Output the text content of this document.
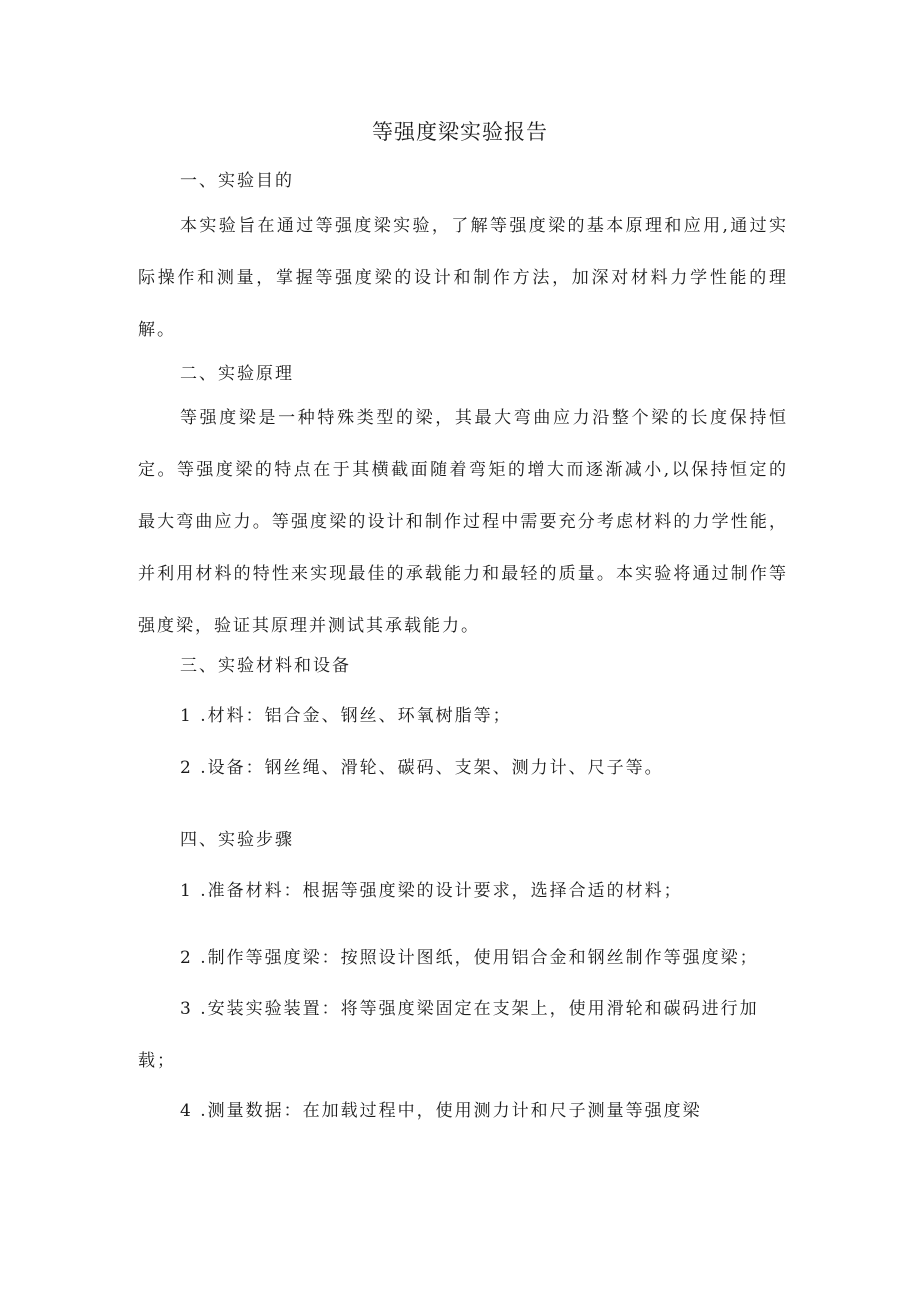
等强度梁实验报告
一、实验目的
本实验旨在通过等强度梁实验，了解等强度梁的基本原理和应用,通过实际操作和测量，掌握等强度梁的设计和制作方法，加深对材料力学性能的理解。
二、实验原理
等强度梁是一种特殊类型的梁，其最大弯曲应力沿整个梁的长度保持恒定。等强度梁的特点在于其横截面随着弯矩的增大而逐渐减小,以保持恒定的最大弯曲应力。等强度梁的设计和制作过程中需要充分考虑材料的力学性能，并利用材料的特性来实现最佳的承载能力和最轻的质量。本实验将通过制作等强度梁，验证其原理并测试其承载能力。
三、实验材料和设备
1 .材料：铝合金、钢丝、环氧树脂等；
2 .设备：钢丝绳、滑轮、碳码、支架、测力计、尺子等。
四、实验步骤
1 .准备材料：根据等强度梁的设计要求，选择合适的材料；
2 .制作等强度梁：按照设计图纸，使用铝合金和钢丝制作等强度梁；
3 .安装实验装置：将等强度梁固定在支架上，使用滑轮和碳码进行加载；
4 .测量数据：在加载过程中，使用测力计和尺子测量等强度梁
